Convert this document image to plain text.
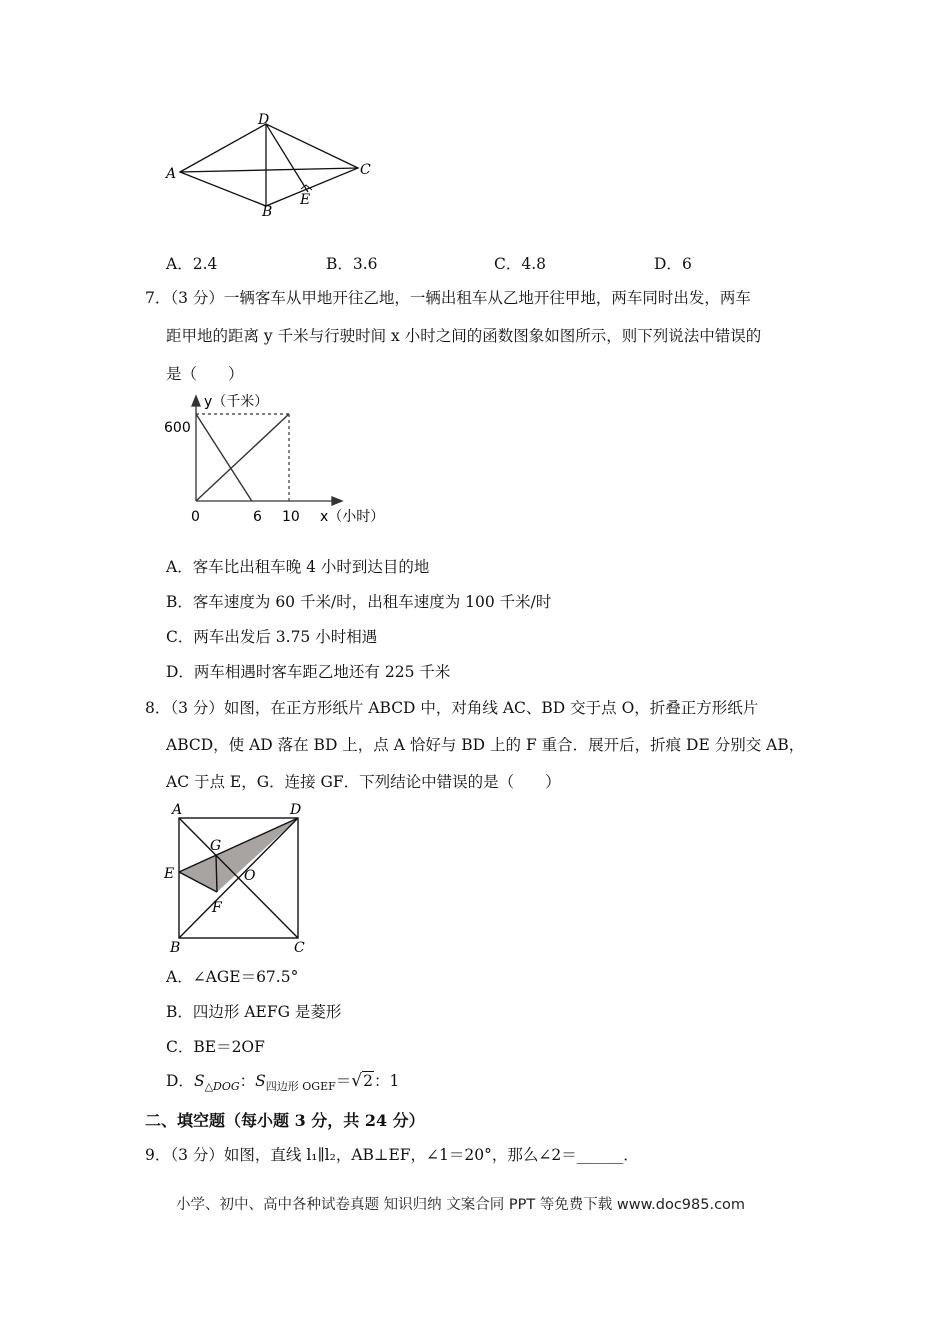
A
B
C
D
E
A．2.4	B．3.6	C．4.8	D．6
7．（3 分）一辆客车从甲地开往乙地，一辆出租车从乙地开往甲地，两车同时出发，两车
距甲地的距离 y 千米与行驶时间 x 小时之间的函数图象如图所示，则下列说法中错误的
是（　　）
y（千米）
600
0	6 10 x（小时）
A．客车比出租车晚 4 小时到达目的地
B．客车速度为 60 千米/时，出租车速度为 100 千米/时
C．两车出发后 3.75 小时相遇
D．两车相遇时客车距乙地还有 225 千米
8．（3 分）如图，在正方形纸片 ABCD 中，对角线 AC、BD 交于点 O，折叠正方形纸片
ABCD，使 AD 落在 BD 上，点 A 恰好与 BD 上的 F 重合．展开后，折痕 DE 分别交 AB，
AC 于点 E，G．连接 GF．下列结论中错误的是（　　）
A	D
G
E	O
F
B	C
A．∠AGE＝67.5°
B．四边形 AEFG 是菱形
C．BE＝2OF
D．$S_{\triangle DOG}$：$S_{四边形 OGEF}=√2$：1
二、填空题（每小题 3 分，共 24 分）
9．（3 分）如图，直线 l₁∥l₂，AB⊥EF，∠1＝20°，那么∠2＝______．
小学、初中、高中各种试卷真题 知识归纳 文案合同 PPT 等免费下载 www.doc985.com
